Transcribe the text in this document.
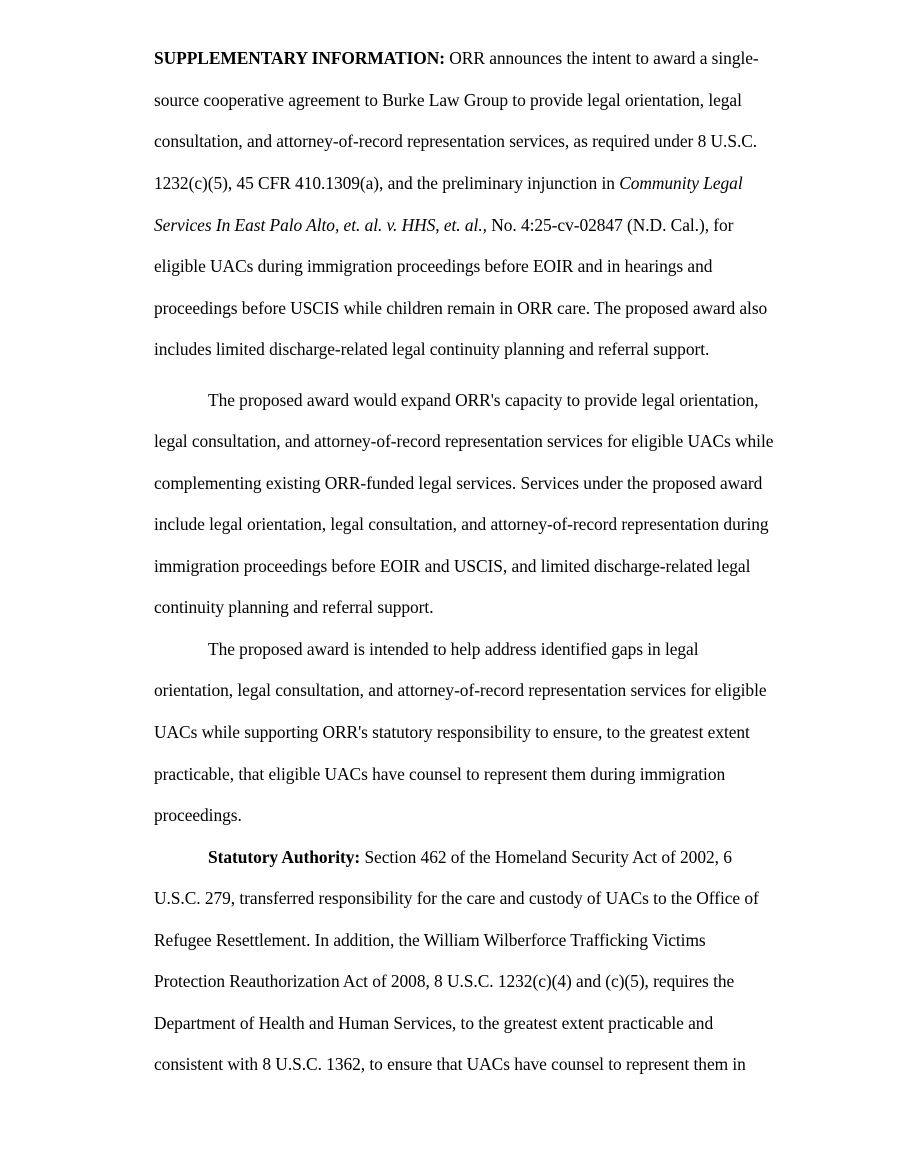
SUPPLEMENTARY INFORMATION: ORR announces the intent to award a single-
source cooperative agreement to Burke Law Group to provide legal orientation, legal
consultation, and attorney-of-record representation services, as required under 8 U.S.C.
1232(c)(5), 45 CFR 410.1309(a), and the preliminary injunction in Community Legal
Services In East Palo Alto, et. al. v. HHS, et. al., No. 4:25-cv-02847 (N.D. Cal.), for
eligible UACs during immigration proceedings before EOIR and in hearings and
proceedings before USCIS while children remain in ORR care. The proposed award also
includes limited discharge-related legal continuity planning and referral support.
The proposed award would expand ORR's capacity to provide legal orientation,
legal consultation, and attorney-of-record representation services for eligible UACs while
complementing existing ORR-funded legal services. Services under the proposed award
include legal orientation, legal consultation, and attorney-of-record representation during
immigration proceedings before EOIR and USCIS, and limited discharge-related legal
continuity planning and referral support.
The proposed award is intended to help address identified gaps in legal
orientation, legal consultation, and attorney-of-record representation services for eligible
UACs while supporting ORR's statutory responsibility to ensure, to the greatest extent
practicable, that eligible UACs have counsel to represent them during immigration
proceedings.
Statutory Authority: Section 462 of the Homeland Security Act of 2002, 6
U.S.C. 279, transferred responsibility for the care and custody of UACs to the Office of
Refugee Resettlement. In addition, the William Wilberforce Trafficking Victims
Protection Reauthorization Act of 2008, 8 U.S.C. 1232(c)(4) and (c)(5), requires the
Department of Health and Human Services, to the greatest extent practicable and
consistent with 8 U.S.C. 1362, to ensure that UACs have counsel to represent them in
